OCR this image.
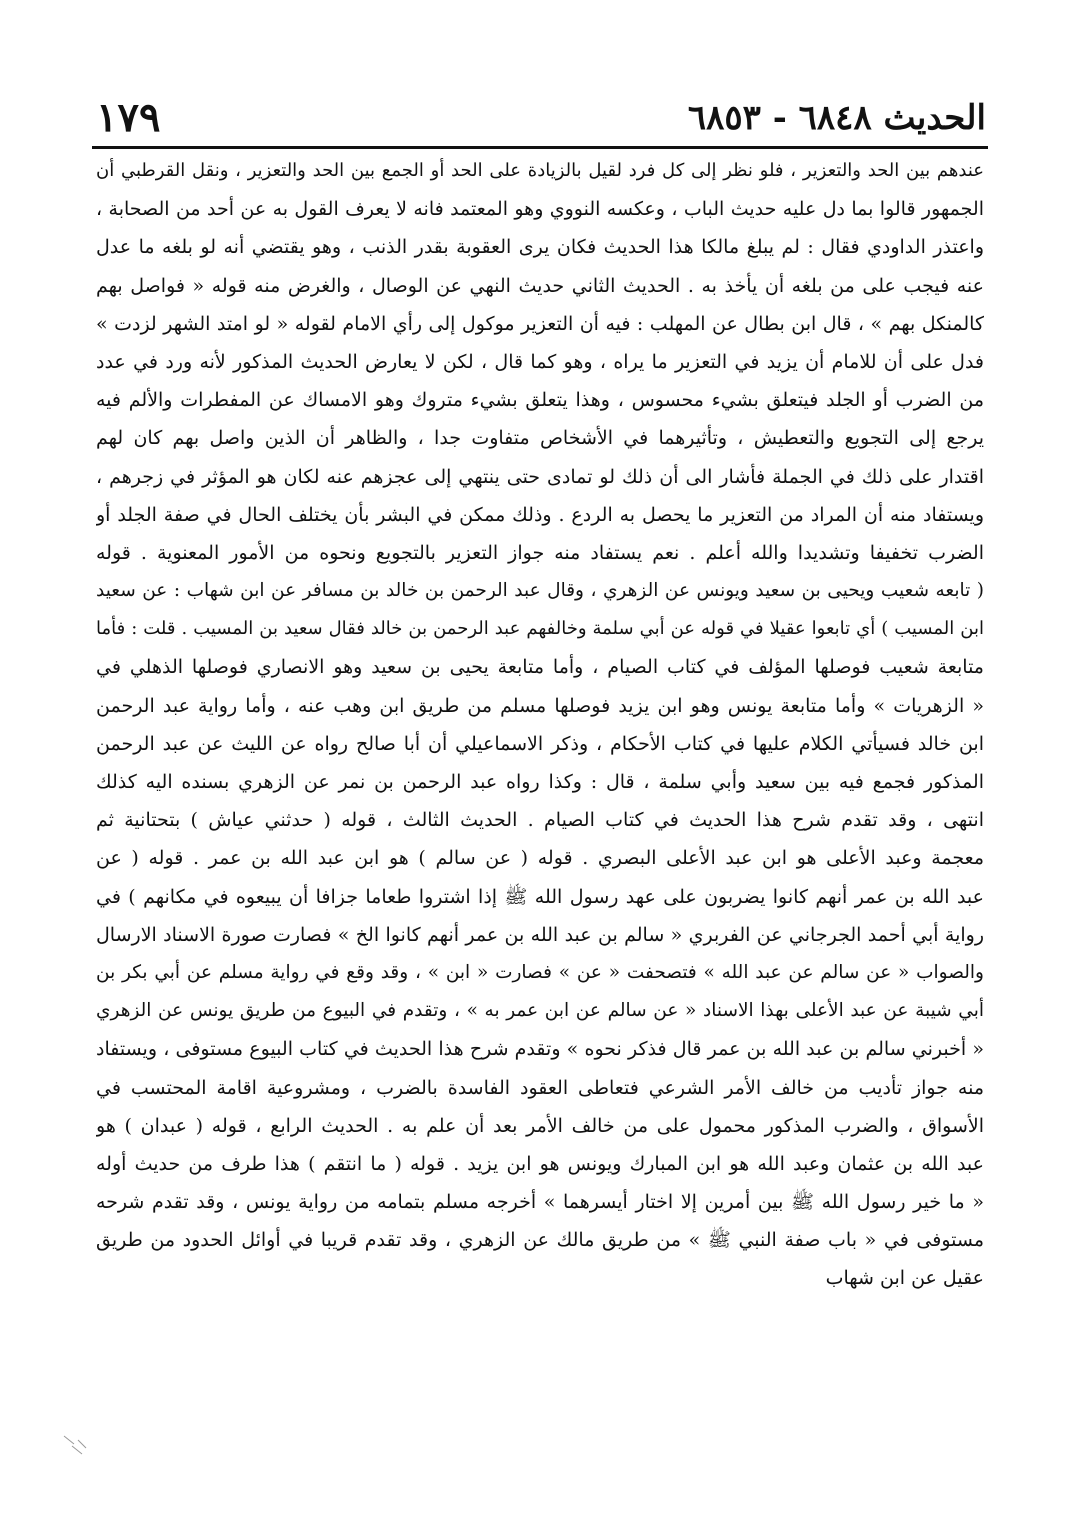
الحديث ٦٨٤٨ - ٦٨٥٣
١٧٩
عندهم بين الحد والتعزير ، فلو نظر إلى كل فرد لقيل بالزيادة على الحد أو الجمع بين الحد والتعزير ، ونقل القرطبي أن
الجمهور قالوا بما دل عليه حديث الباب ، وعكسه النووي وهو المعتمد فانه لا يعرف القول به عن أحد من الصحابة ،
واعتذر الداودي فقال : لم يبلغ مالكا هذا الحديث فكان يرى العقوبة بقدر الذنب ، وهو يقتضي أنه لو بلغه ما عدل
عنه فيجب على من بلغه أن يأخذ به . الحديث الثاني حديث النهي عن الوصال ، والغرض منه قوله « فواصل بهم
كالمنكل بهم » ، قال ابن بطال عن المهلب : فيه أن التعزير موكول إلى رأي الامام لقوله « لو امتد الشهر لزدت »
فدل على أن للامام أن يزيد في التعزير ما يراه ، وهو كما قال ، لكن لا يعارض الحديث المذكور لأنه ورد في عدد
من الضرب أو الجلد فيتعلق بشيء محسوس ، وهذا يتعلق بشيء متروك وهو الامساك عن المفطرات والألم فيه
يرجع إلى التجويع والتعطيش ، وتأثيرهما في الأشخاص متفاوت جدا ، والظاهر أن الذين واصل بهم كان لهم
اقتدار على ذلك في الجملة فأشار الى أن ذلك لو تمادى حتى ينتهي إلى عجزهم عنه لكان هو المؤثر في زجرهم ،
ويستفاد منه أن المراد من التعزير ما يحصل به الردع . وذلك ممكن في البشر بأن يختلف الحال في صفة الجلد أو
الضرب تخفيفا وتشديدا والله أعلم . نعم يستفاد منه جواز التعزير بالتجويع ونحوه من الأمور المعنوية . قوله
( تابعه شعيب ويحيى بن سعيد ويونس عن الزهري ، وقال عبد الرحمن بن خالد بن مسافر عن ابن شهاب : عن سعيد
ابن المسيب ) أي تابعوا عقيلا في قوله عن أبي سلمة وخالفهم عبد الرحمن بن خالد فقال سعيد بن المسيب . قلت : فأما
متابعة شعيب فوصلها المؤلف في كتاب الصيام ، وأما متابعة يحيى بن سعيد وهو الانصاري فوصلها الذهلي في
« الزهريات » وأما متابعة يونس وهو ابن يزيد فوصلها مسلم من طريق ابن وهب عنه ، وأما رواية عبد الرحمن
ابن خالد فسيأتي الكلام عليها في كتاب الأحكام ، وذكر الاسماعيلي أن أبا صالح رواه عن الليث عن عبد الرحمن
المذكور فجمع فيه بين سعيد وأبي سلمة ، قال : وكذا رواه عبد الرحمن بن نمر عن الزهري بسنده اليه كذلك
انتهى ، وقد تقدم شرح هذا الحديث في كتاب الصيام . الحديث الثالث ، قوله ( حدثني عياش ) بتحتانية ثم
معجمة وعبد الأعلى هو ابن عبد الأعلى البصري . قوله ( عن سالم ) هو ابن عبد الله بن عمر . قوله ( عن
عبد الله بن عمر أنهم كانوا يضربون على عهد رسول الله ﷺ إذا اشتروا طعاما جزافا أن يبيعوه في مكانهم ) في
رواية أبي أحمد الجرجاني عن الفربري « سالم بن عبد الله بن عمر أنهم كانوا الخ » فصارت صورة الاسناد الارسال
والصواب « عن سالم عن عبد الله » فتصحفت « عن » فصارت « ابن » ، وقد وقع في رواية مسلم عن أبي بكر بن
أبي شيبة عن عبد الأعلى بهذا الاسناد « عن سالم عن ابن عمر به » ، وتقدم في البيوع من طريق يونس عن الزهري
« أخبرني سالم بن عبد الله بن عمر قال فذكر نحوه » وتقدم شرح هذا الحديث في كتاب البيوع مستوفى ، ويستفاد
منه جواز تأديب من خالف الأمر الشرعي فتعاطى العقود الفاسدة بالضرب ، ومشروعية اقامة المحتسب في
الأسواق ، والضرب المذكور محمول على من خالف الأمر بعد أن علم به . الحديث الرابع ، قوله ( عبدان ) هو
عبد الله بن عثمان وعبد الله هو ابن المبارك ويونس هو ابن يزيد . قوله ( ما انتقم ) هذا طرف من حديث أوله
« ما خير رسول الله ﷺ بين أمرين إلا اختار أيسرهما » أخرجه مسلم بتمامه من رواية يونس ، وقد تقدم شرحه
مستوفى في « باب صفة النبي ﷺ » من طريق مالك عن الزهري ، وقد تقدم قريبا في أوائل الحدود من طريق
عقيل عن ابن شهاب
